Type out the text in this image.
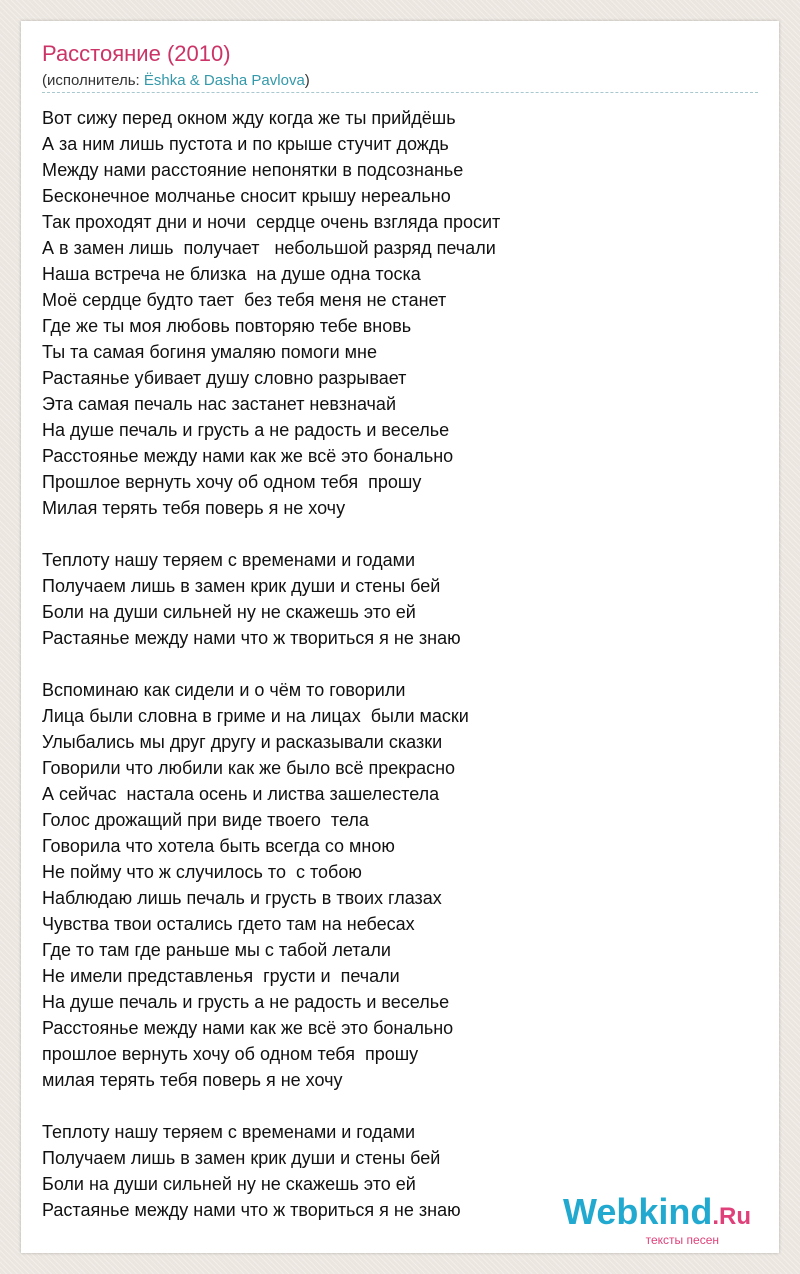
Расстояние (2010)
(исполнитель: Ëshka & Dasha Pavlova)
Вот сижу перед окном жду когда же ты прийдёшь
А за ним лишь пустота и по крыше стучит дождь
Между нами расстояние непонятки в подсознанье
Бесконечное молчанье сносит крышу нереально
Так проходят дни и ночи  сердце очень взгляда просит
А в замен лишь  получает   небольшой разряд печали
Наша встреча не близка  на душе одна тоска
Моё сердце будто тает  без тебя меня не станет
Где же ты моя любовь повторяю тебе вновь
Ты та самая богиня умаляю помоги мне
Растаянье убивает душу словно разрывает
Эта самая печаль нас застанет невзначай
На душе печаль и грусть а не радость и веселье
Расстоянье между нами как же всё это бонально
Прошлое вернуть хочу об одном тебя  прошу
Милая терять тебя поверь я не хочу
Теплоту нашу теряем с временами и годами
Получаем лишь в замен крик души и стены бей
Боли на души сильней ну не скажешь это ей
Растаянье между нами что ж твориться я не знаю
Вспоминаю как сидели и о чём то говорили
Лица были словна в гриме и на лицах  были маски
Улыбались мы друг другу и расказывали сказки
Говорили что любили как же было всё прекрасно
А сейчас  настала осень и листва зашелестела
Голос дрожащий при виде твоего  тела
Говорила что хотела быть всегда со мною
Не пойму что ж случилось то  с тобою
Наблюдаю лишь печаль и грусть в твоих глазах
Чувства твои остались гдето там на небесах
Где то там где раньше мы с табой летали
Не имели представленья  грусти и  печали
На душе печаль и грусть а не радость и веселье
Расстоянье между нами как же всё это бонально
прошлое вернуть хочу об одном тебя  прошу
милая терять тебя поверь я не хочу
Теплоту нашу теряем с временами и годами
Получаем лишь в замен крик души и стены бей
Боли на души сильней ну не скажешь это ей
Растаянье между нами что ж твориться я не знаю	Webkind.Ru
тексты песен
